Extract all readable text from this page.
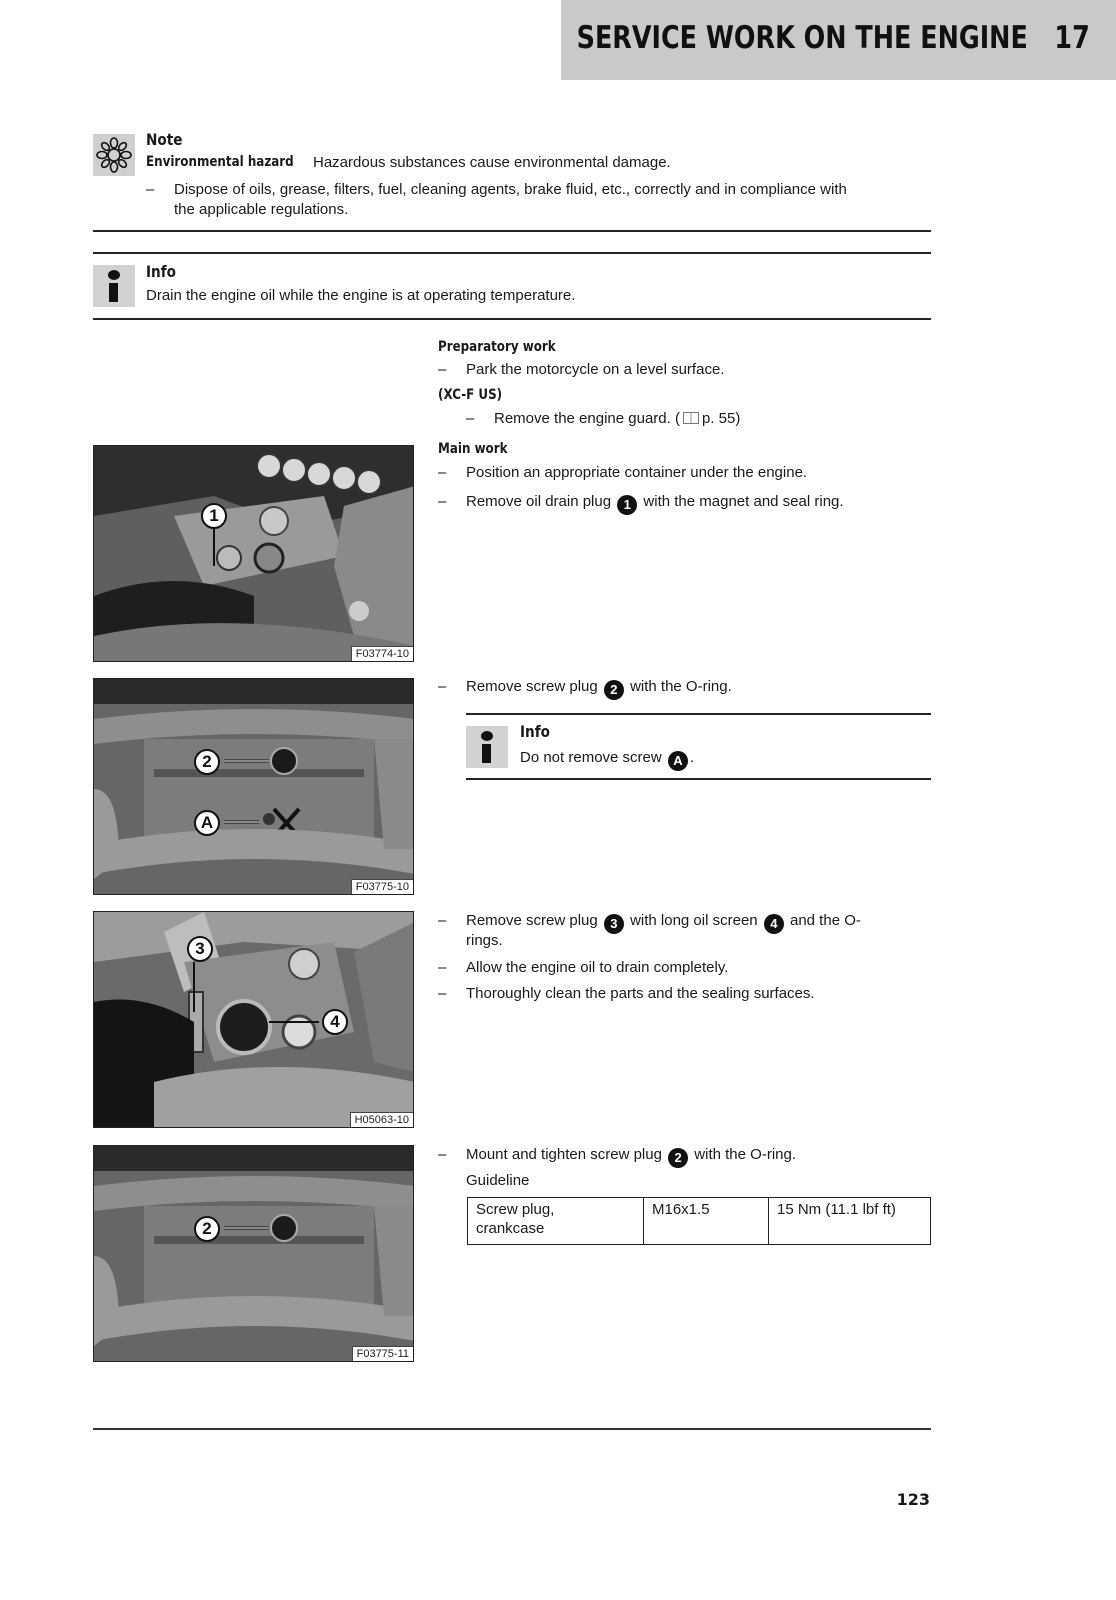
SERVICE WORK ON THE ENGINE 17
Note
Environmental hazard Hazardous substances cause environmental damage.
– Dispose of oils, grease, filters, fuel, cleaning agents, brake fluid, etc., correctly and in compliance with
the applicable regulations.
Info
Drain the engine oil while the engine is at operating temperature.
Preparatory work
– Park the motorcycle on a level surface.
(XC-F US)
– Remove the engine guard. ( p. 55)
Main work
– Position an appropriate container under the engine.
– Remove oil drain plug 1 with the magnet and seal ring.
1
F03774-10
– Remove screw plug 2 with the O-ring.
Info
Do not remove screw A .
2
A
F03775-10
– Remove screw plug 3 with long oil screen 4 and the O-
rings.
– Allow the engine oil to drain completely.
– Thoroughly clean the parts and the sealing surfaces.
3
4
H05063-10
– Mount and tighten screw plug 2 with the O-ring.
Guideline
Screw plug,
crankcase	M16x1.5	15 Nm (11.1 lbf ft)
2
F03775-11
123
